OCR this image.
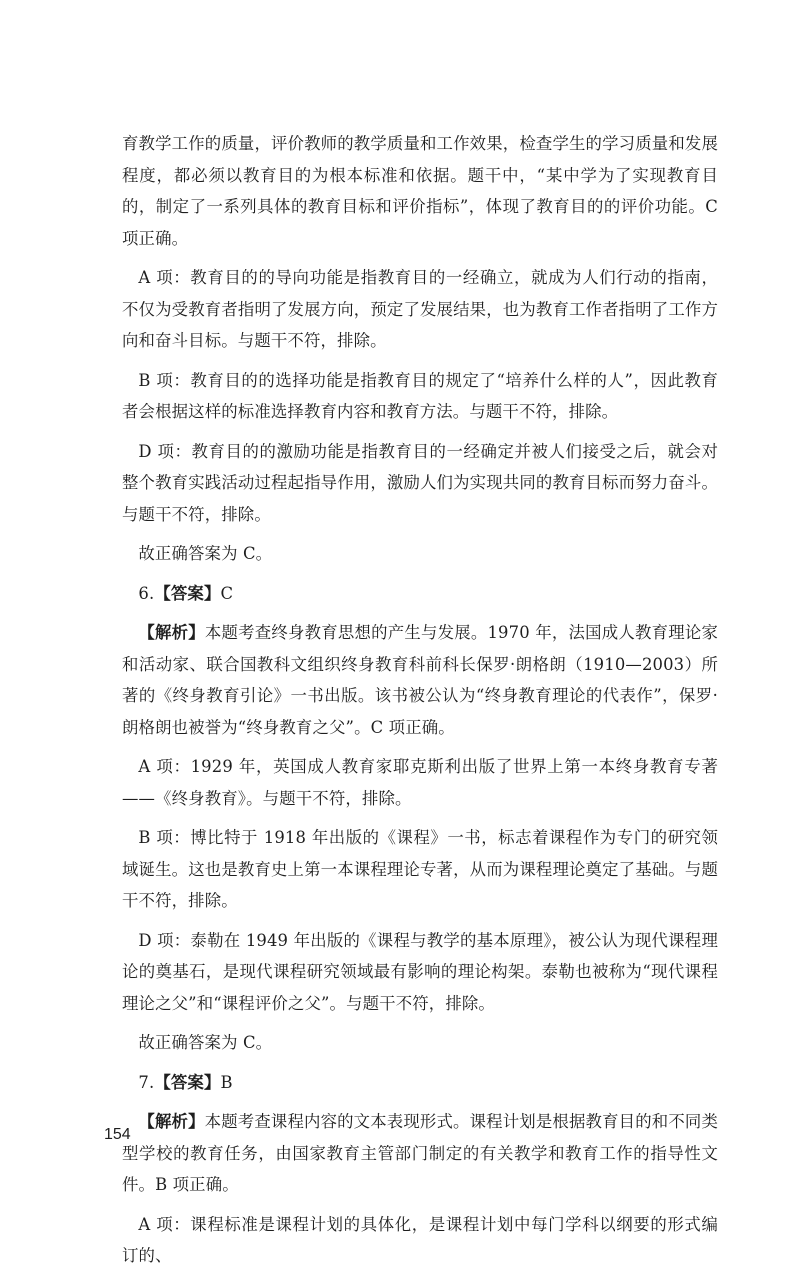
育教学工作的质量，评价教师的教学质量和工作效果，检查学生的学习质量和发展程度，都必须以教育目的为根本标准和依据。题干中，“某中学为了实现教育目的，制定了一系列具体的教育目标和评价指标”，体现了教育目的的评价功能。C 项正确。

A 项：教育目的的导向功能是指教育目的一经确立，就成为人们行动的指南，不仅为受教育者指明了发展方向，预定了发展结果，也为教育工作者指明了工作方向和奋斗目标。与题干不符，排除。

B 项：教育目的的选择功能是指教育目的规定了“培养什么样的人”，因此教育者会根据这样的标准选择教育内容和教育方法。与题干不符，排除。

D 项：教育目的的激励功能是指教育目的一经确定并被人们接受之后，就会对整个教育实践活动过程起指导作用，激励人们为实现共同的教育目标而努力奋斗。与题干不符，排除。

故正确答案为 C。

6.【答案】C

【解析】本题考查终身教育思想的产生与发展。1970 年，法国成人教育理论家和活动家、联合国教科文组织终身教育科前科长保罗·朗格朗（1910—2003）所著的《终身教育引论》一书出版。该书被公认为“终身教育理论的代表作”，保罗·朗格朗也被誉为“终身教育之父”。C 项正确。

A 项：1929 年，英国成人教育家耶克斯利出版了世界上第一本终身教育专著——《终身教育》。与题干不符，排除。

B 项：博比特于 1918 年出版的《课程》一书，标志着课程作为专门的研究领域诞生。这也是教育史上第一本课程理论专著，从而为课程理论奠定了基础。与题干不符，排除。

D 项：泰勒在 1949 年出版的《课程与教学的基本原理》，被公认为现代课程理论的奠基石，是现代课程研究领域最有影响的理论构架。泰勒也被称为“现代课程理论之父”和“课程评价之父”。与题干不符，排除。

故正确答案为 C。

7.【答案】B

【解析】本题考查课程内容的文本表现形式。课程计划是根据教育目的和不同类型学校的教育任务，由国家教育主管部门制定的有关教学和教育工作的指导性文件。B 项正确。

A 项：课程标准是课程计划的具体化，是课程计划中每门学科以纲要的形式编订的、

154
